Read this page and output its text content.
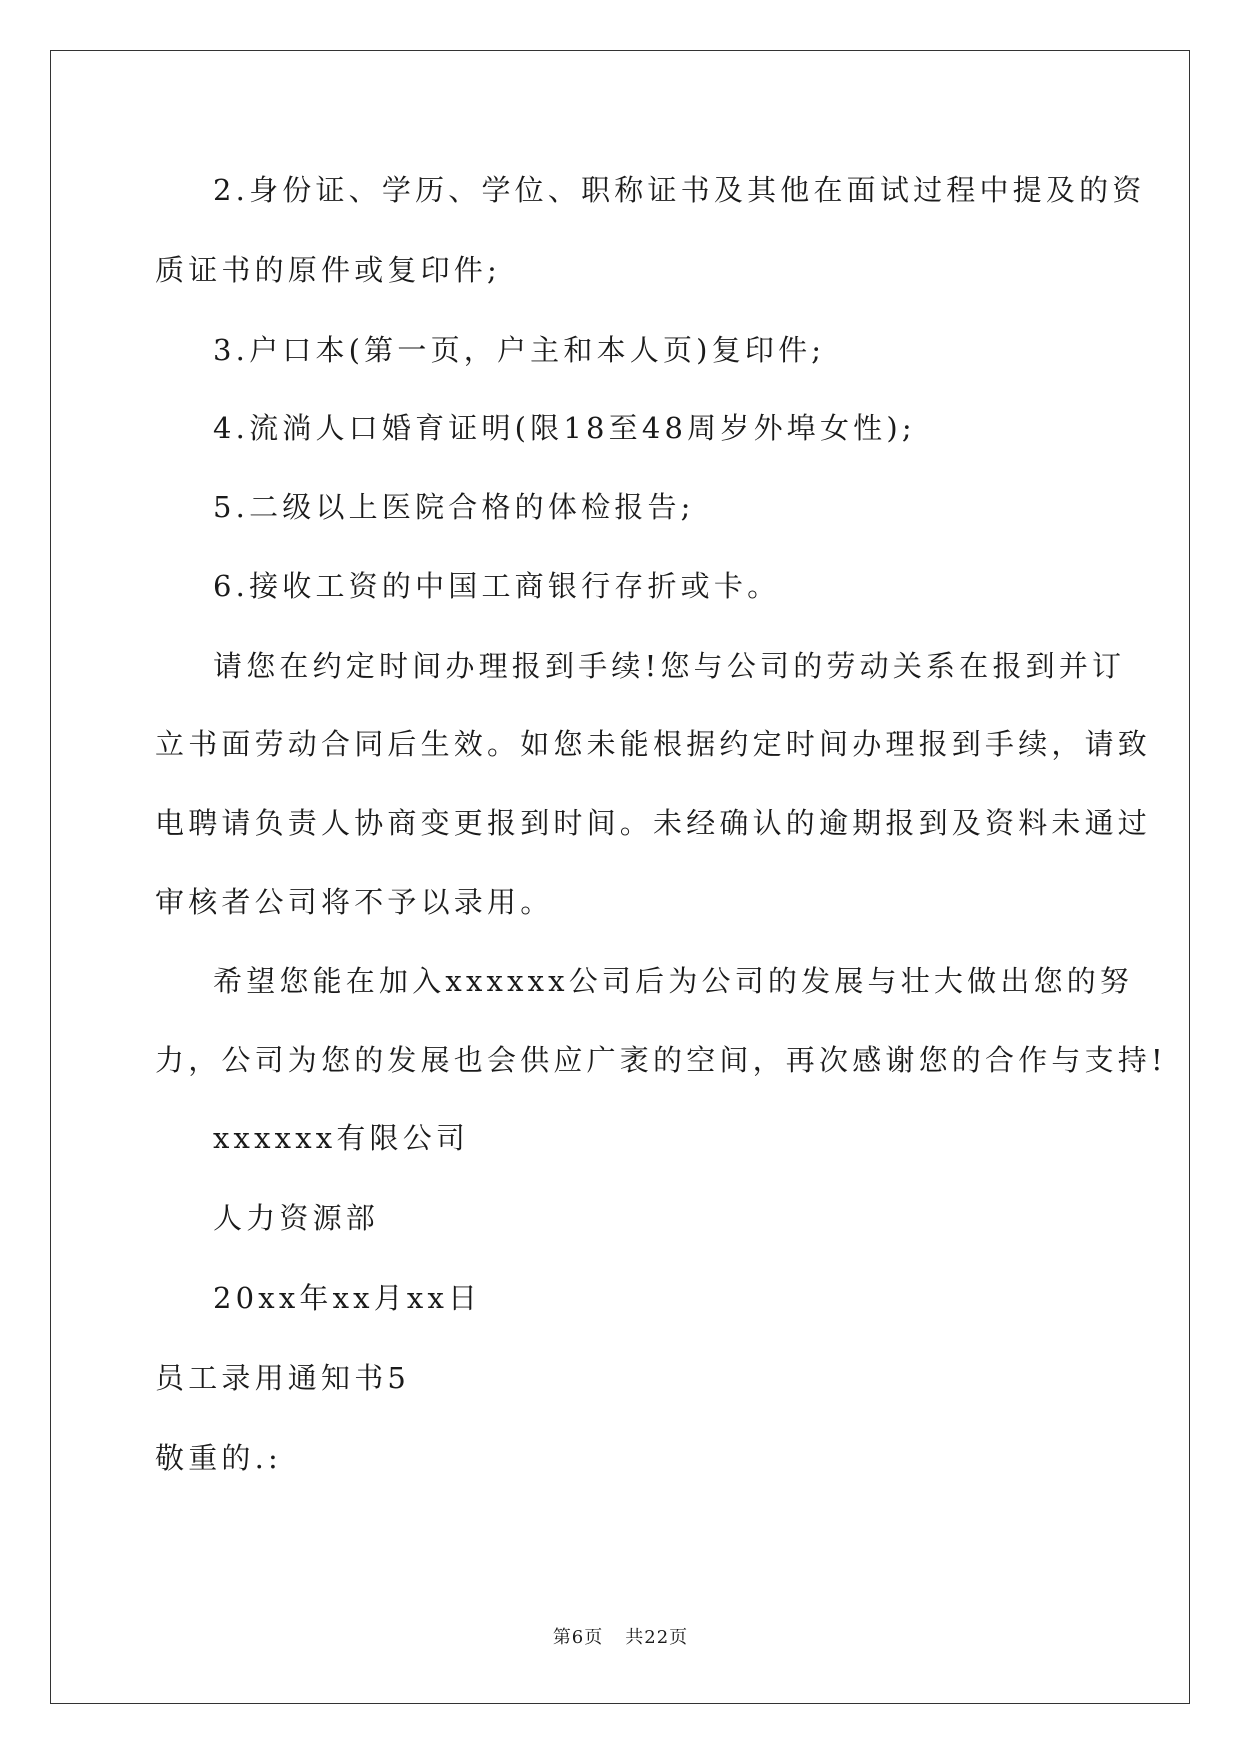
2.身份证、学历、学位、职称证书及其他在面试过程中提及的资
质证书的原件或复印件;
3.户口本(第一页，户主和本人页)复印件;
4.流淌人口婚育证明(限18至48周岁外埠女性);
5.二级以上医院合格的体检报告;
6.接收工资的中国工商银行存折或卡。
请您在约定时间办理报到手续!您与公司的劳动关系在报到并订
立书面劳动合同后生效。如您未能根据约定时间办理报到手续，请致
电聘请负责人协商变更报到时间。未经确认的逾期报到及资料未通过
审核者公司将不予以录用。
希望您能在加入xxxxxx公司后为公司的发展与壮大做出您的努
力，公司为您的发展也会供应广袤的空间，再次感谢您的合作与支持!
xxxxxx有限公司
人力资源部
20xx年xx月xx日
员工录用通知书5
敬重的.:
第6页 共22页
